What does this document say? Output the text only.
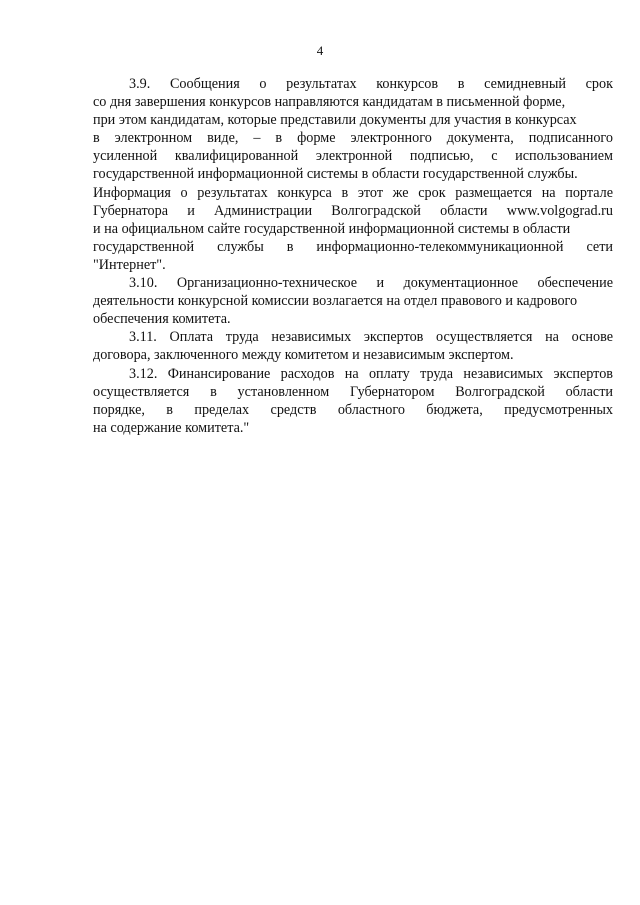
4
3.9. Сообщения о результатах конкурсов в семидневный срок
со дня завершения конкурсов направляются кандидатам в письменной форме,
при этом кандидатам, которые представили документы для участия в конкурсах
в электронном виде, – в форме электронного документа, подписанного
усиленной квалифицированной электронной подписью, с использованием
государственной информационной системы в области государственной службы.
Информация о результатах конкурса в этот же срок размещается на портале
Губернатора и Администрации Волгоградской области www.volgograd.ru
и на официальном сайте государственной информационной системы в области
государственной службы в информационно-телекоммуникационной сети
"Интернет".
3.10. Организационно-техническое и документационное обеспечение
деятельности конкурсной комиссии возлагается на отдел правового и кадрового
обеспечения комитета.
3.11. Оплата труда независимых экспертов осуществляется на основе
договора, заключенного между комитетом и независимым экспертом.
3.12. Финансирование расходов на оплату труда независимых экспертов
осуществляется в установленном Губернатором Волгоградской области
порядке, в пределах средств областного бюджета, предусмотренных
на содержание комитета."
